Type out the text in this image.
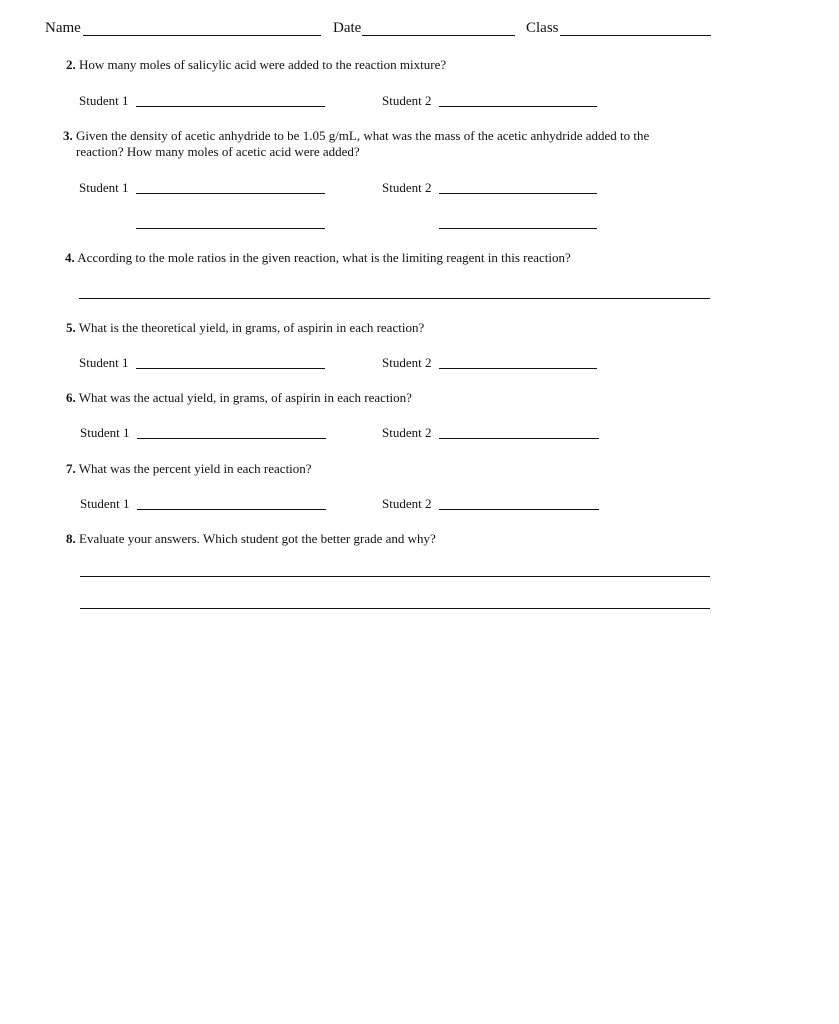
Name	Date	Class
2. How many moles of salicylic acid were added to the reaction mixture?
Student 1	Student 2
3. Given the density of acetic anhydride to be 1.05 g/mL, what was the mass of the acetic anhydride added to the
reaction? How many moles of acetic acid were added?
Student 1	Student 2
4. According to the mole ratios in the given reaction, what is the limiting reagent in this reaction?
5. What is the theoretical yield, in grams, of aspirin in each reaction?
Student 1	Student 2
6. What was the actual yield, in grams, of aspirin in each reaction?
Student 1	Student 2
7. What was the percent yield in each reaction?
Student 1	Student 2
8. Evaluate your answers. Which student got the better grade and why?
